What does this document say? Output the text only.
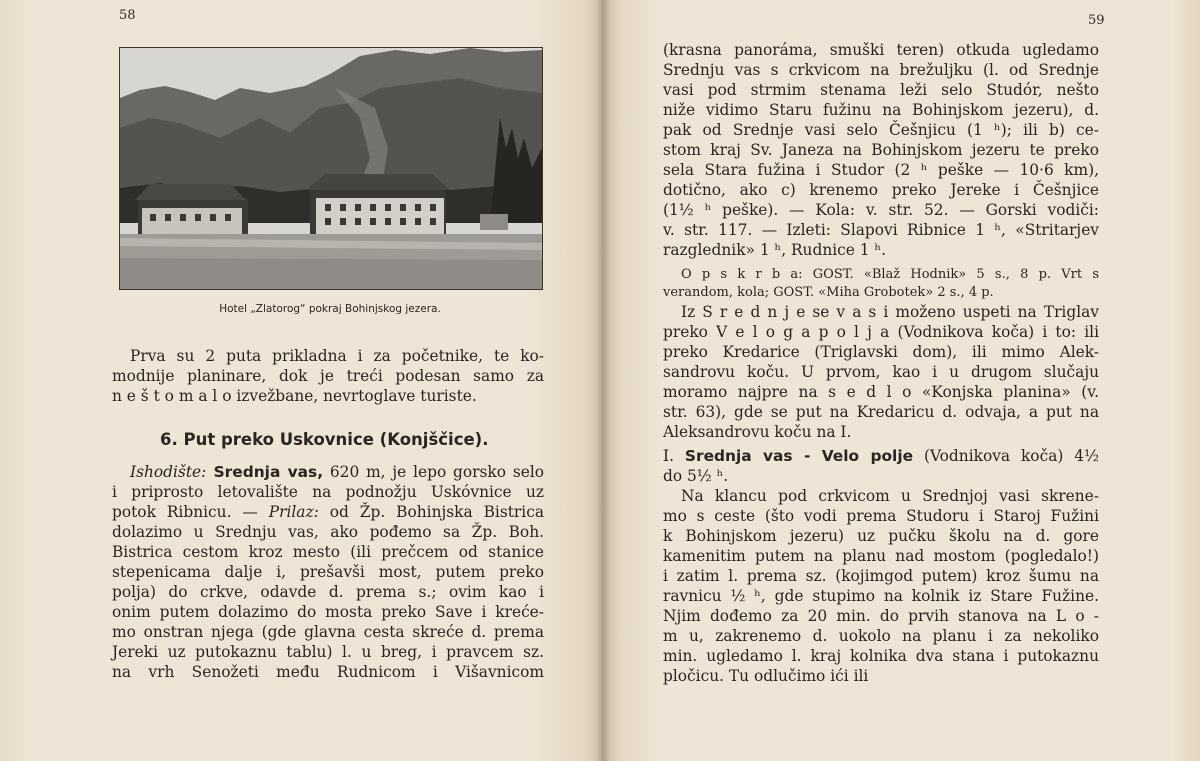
58
Hotel „Zlatorog“ pokraj Bohinjskog jezera.
Prva su 2 puta prikladna i za početnike, te ko-
modnije planinare, dok je treći podesan samo za
n e š t o m a l o izvežbane, nevrtoglave turiste.
6. Put preko Uskovnice (Konjščice).
Ishodište: Srednja vas, 620 m, je lepo gorsko selo
i priprosto letovalište na podnožju Uskóvnice uz
potok Ribnicu. — Prilaz: od Žp. Bohinjska Bistrica
dolazimo u Srednju vas, ako pođemo sa Žp. Boh.
Bistrica cestom kroz mesto (ili prečcem od stanice
stepenicama dalje i, prešavši most, putem preko
polja) do crkve, odavde d. prema s.; ovim kao i
onim putem dolazimo do mosta preko Save i kreće-
mo onstran njega (gde glavna cesta skreće d. prema
Jereki uz putokaznu tablu) l. u breg, i pravcem sz.
na vrh Senožeti među Rudnicom i Višavnicom
59
(krasna panoráma, smuški teren) otkuda ugledamo
Srednju vas s crkvicom na brežuljku (l. od Srednje
vasi pod strmim stenama leži selo Studór, nešto
niže vidimo Staru fužinu na Bohinjskom jezeru), d.
pak od Srednje vasi selo Češnjicu (1 ʰ); ili b) ce-
stom kraj Sv. Janeza na Bohinjskom jezeru te preko
sela Stara fužina i Studor (2 ʰ peške — 10·6 km),
dotično, ako c) krenemo preko Jereke i Češnjice
(1½ ʰ peške). — Kola: v. str. 52. — Gorski vodiči:
v. str. 117. — Izleti: Slapovi Ribnice 1 ʰ, «Stritarjev
razglednik» 1 ʰ, Rudnice 1 ʰ.
O p s k r b a: GOST. «Blaž Hodnik» 5 s., 8 p. Vrt s
verandom, kola; GOST. «Miha Grobotek» 2 s., 4 p.
Iz S r e d n j e se v a s i moženo uspeti na Triglav
preko V e l o g a p o l j a (Vodnikova koča) i to: ili
preko Kredarice (Triglavski dom), ili mimo Alek-
sandrovu koču. U prvom, kao i u drugom slučaju
moramo najpre na s e d l o «Konjska planina» (v.
str. 63), gde se put na Kredaricu d. odvaja, a put na
Aleksandrovu koču na I.
I. Srednja vas - Velo polje (Vodnikova koča) 4½
do 5½ ʰ.
Na klancu pod crkvicom u Srednjoj vasi skrene-
mo s ceste (što vodi prema Studoru i Staroj Fužini
k Bohinjskom jezeru) uz pučku školu na d. gore
kamenitim putem na planu nad mostom (pogledalo!)
i zatim l. prema sz. (kojimgod putem) kroz šumu na
ravnicu ½ ʰ, gde stupimo na kolnik iz Stare Fužine.
Njim dođemo za 20 min. do prvih stanova na L o -
m u, zakrenemo d. uokolo na planu i za nekoliko
min. ugledamo l. kraj kolnika dva stana i putokaznu
pločicu. Tu odlučimo ići ili
